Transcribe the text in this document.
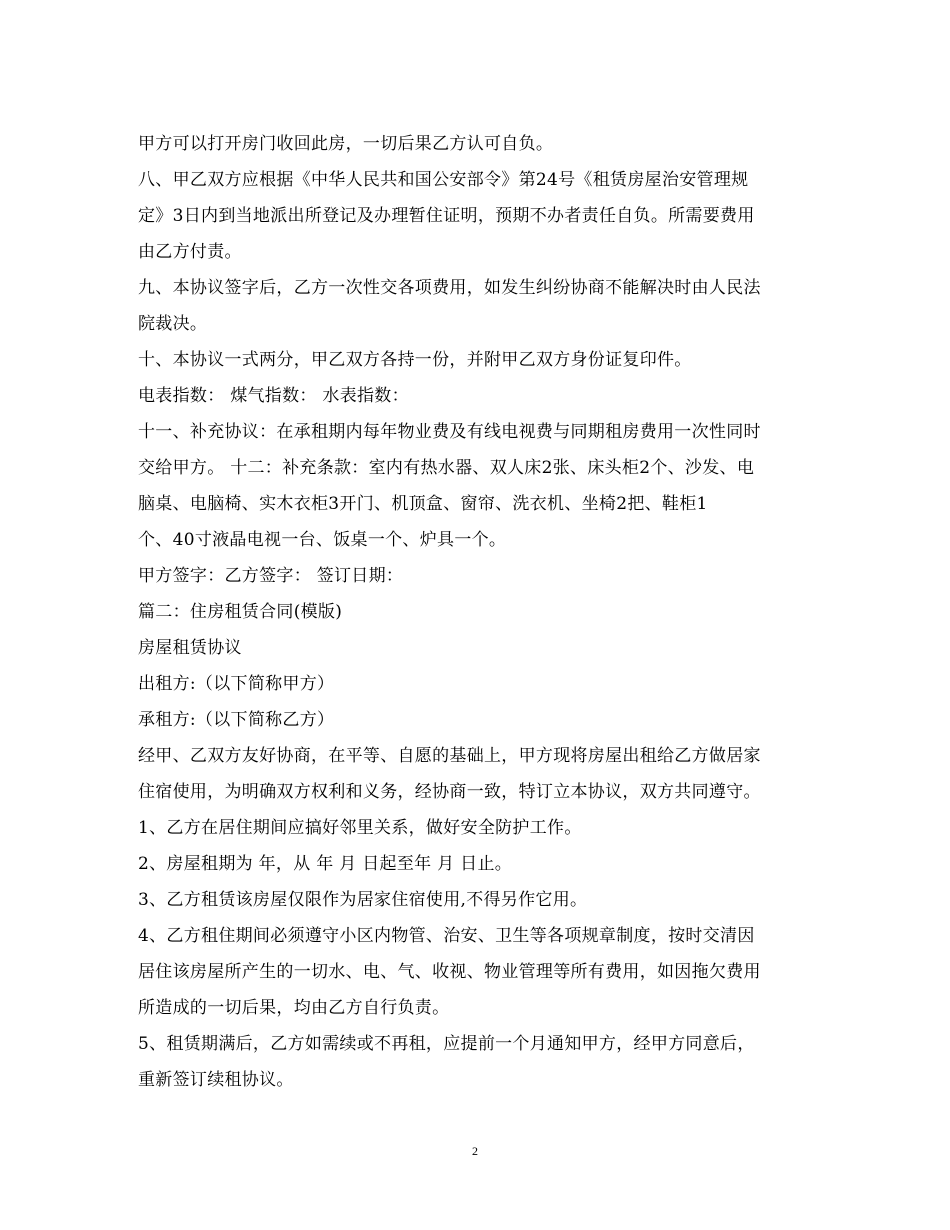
甲方可以打开房门收回此房，一切后果乙方认可自负。
八、甲乙双方应根据《中华人民共和国公安部令》第24号《租赁房屋治安管理规
定》3日内到当地派出所登记及办理暂住证明，预期不办者责任自负。所需要费用
由乙方付责。
九、本协议签字后，乙方一次性交各项费用，如发生纠纷协商不能解决时由人民法
院裁决。
十、本协议一式两分，甲乙双方各持一份，并附甲乙双方身份证复印件。
电表指数： 煤气指数： 水表指数：
十一、补充协议：在承租期内每年物业费及有线电视费与同期租房费用一次性同时
交给甲方。 十二：补充条款：室内有热水器、双人床2张、床头柜2个、沙发、电
脑桌、电脑椅、实木衣柜3开门、机顶盒、窗帘、洗衣机、坐椅2把、鞋柜1
个、40寸液晶电视一台、饭桌一个、炉具一个。
甲方签字：乙方签字： 签订日期：
篇二：住房租赁合同(模版)
房屋租赁协议
出租方:（以下简称甲方）
承租方:（以下简称乙方）
经甲、乙双方友好协商，在平等、自愿的基础上，甲方现将房屋出租给乙方做居家
住宿使用，为明确双方权利和义务，经协商一致，特订立本协议，双方共同遵守。
1、乙方在居住期间应搞好邻里关系，做好安全防护工作。
2、房屋租期为 年，从 年 月 日起至年 月 日止。
3、乙方租赁该房屋仅限作为居家住宿使用,不得另作它用。
4、乙方租住期间必须遵守小区内物管、治安、卫生等各项规章制度，按时交清因
居住该房屋所产生的一切水、电、气、收视、物业管理等所有费用，如因拖欠费用
所造成的一切后果，均由乙方自行负责。
5、租赁期满后，乙方如需续或不再租，应提前一个月通知甲方，经甲方同意后，
重新签订续租协议。
2
